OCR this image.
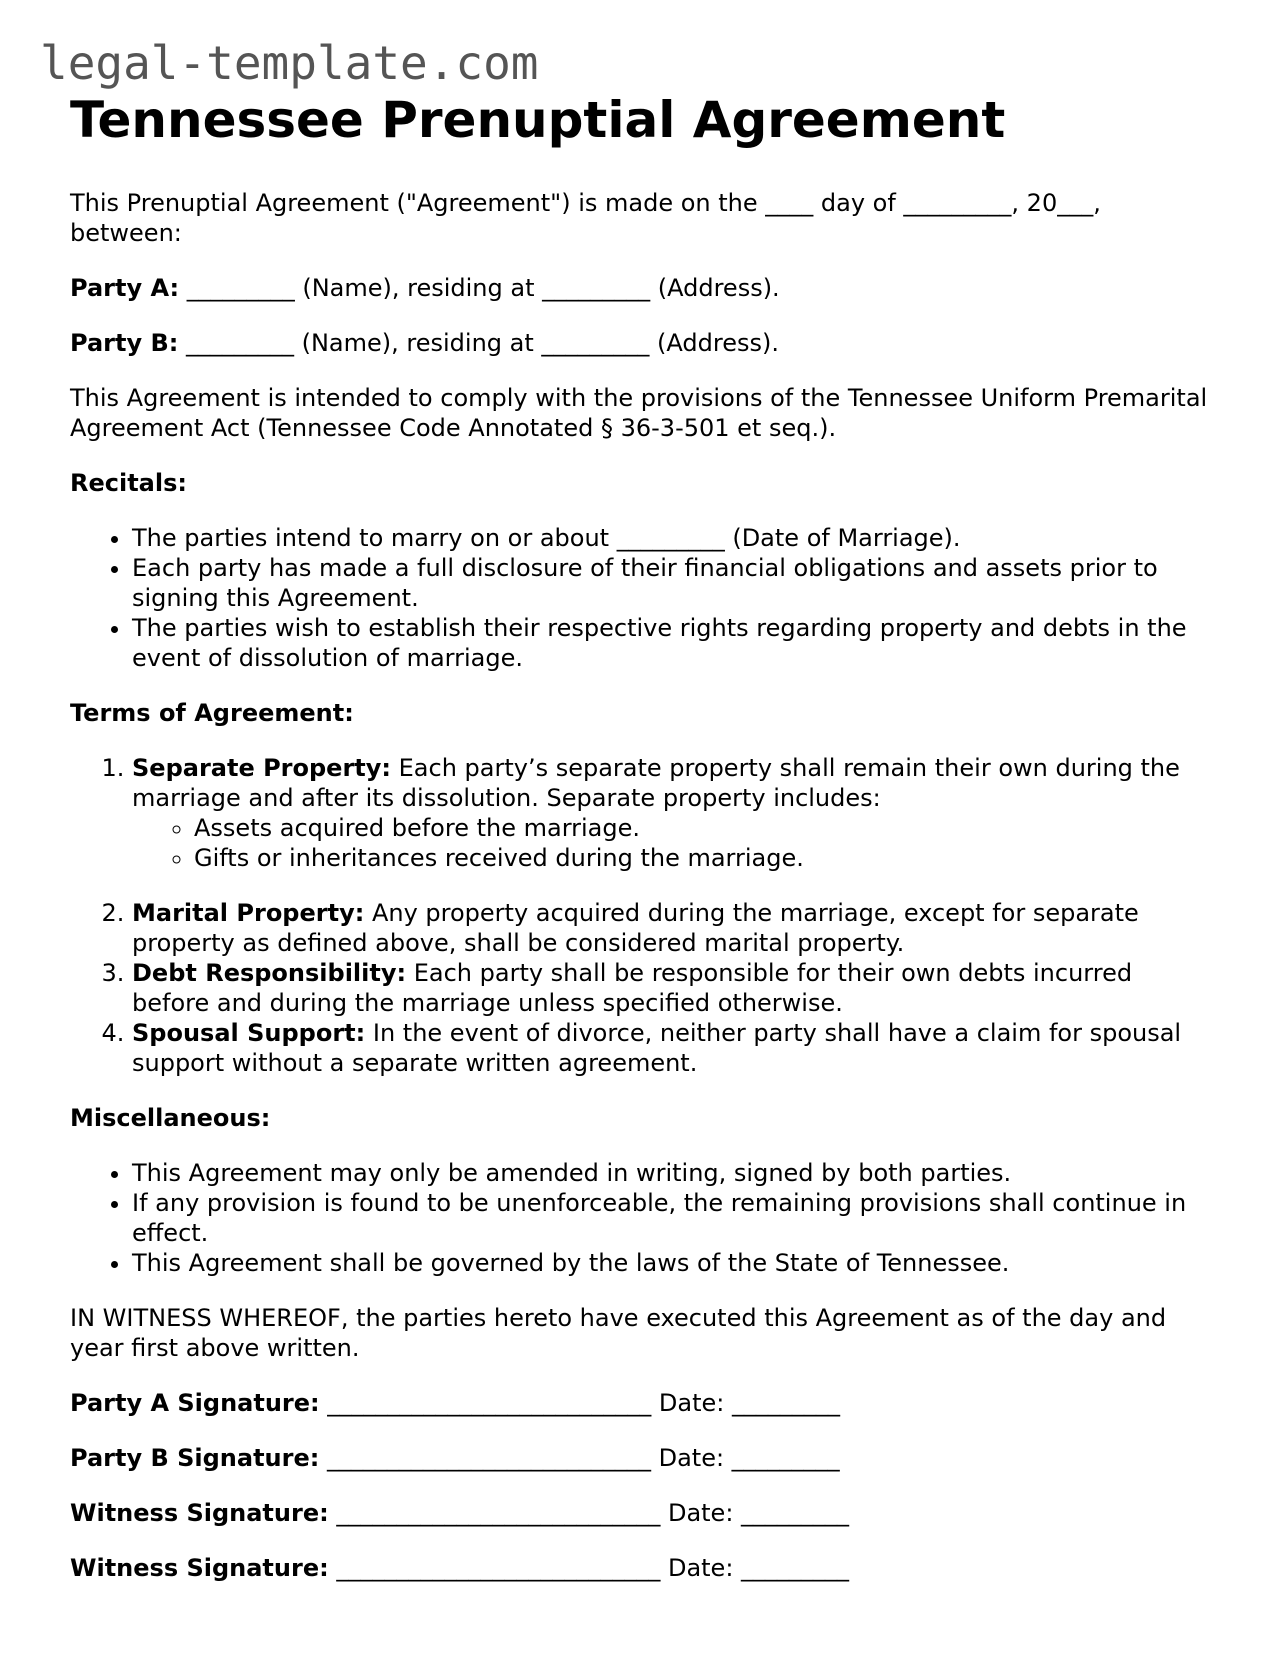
legal-template.com
Tennessee Prenuptial Agreement

This Prenuptial Agreement ("Agreement") is made on the ____ day of _________, 20___, between:

Party A: _________ (Name), residing at _________ (Address).

Party B: _________ (Name), residing at _________ (Address).

This Agreement is intended to comply with the provisions of the Tennessee Uniform Premarital Agreement Act (Tennessee Code Annotated § 36-3-501 et seq.).

Recitals:

• The parties intend to marry on or about _________ (Date of Marriage).
• Each party has made a full disclosure of their financial obligations and assets prior to signing this Agreement.
• The parties wish to establish their respective rights regarding property and debts in the event of dissolution of marriage.

Terms of Agreement:

1. Separate Property: Each party’s separate property shall remain their own during the marriage and after its dissolution. Separate property includes:
◦ Assets acquired before the marriage.
◦ Gifts or inheritances received during the marriage.
2. Marital Property: Any property acquired during the marriage, except for separate property as defined above, shall be considered marital property.
3. Debt Responsibility: Each party shall be responsible for their own debts incurred before and during the marriage unless specified otherwise.
4. Spousal Support: In the event of divorce, neither party shall have a claim for spousal support without a separate written agreement.

Miscellaneous:

• This Agreement may only be amended in writing, signed by both parties.
• If any provision is found to be unenforceable, the remaining provisions shall continue in effect.
• This Agreement shall be governed by the laws of the State of Tennessee.

IN WITNESS WHEREOF, the parties hereto have executed this Agreement as of the day and year first above written.

Party A Signature: ___________________________ Date: _________

Party B Signature: ___________________________ Date: _________

Witness Signature: ___________________________ Date: _________

Witness Signature: ___________________________ Date: _________
